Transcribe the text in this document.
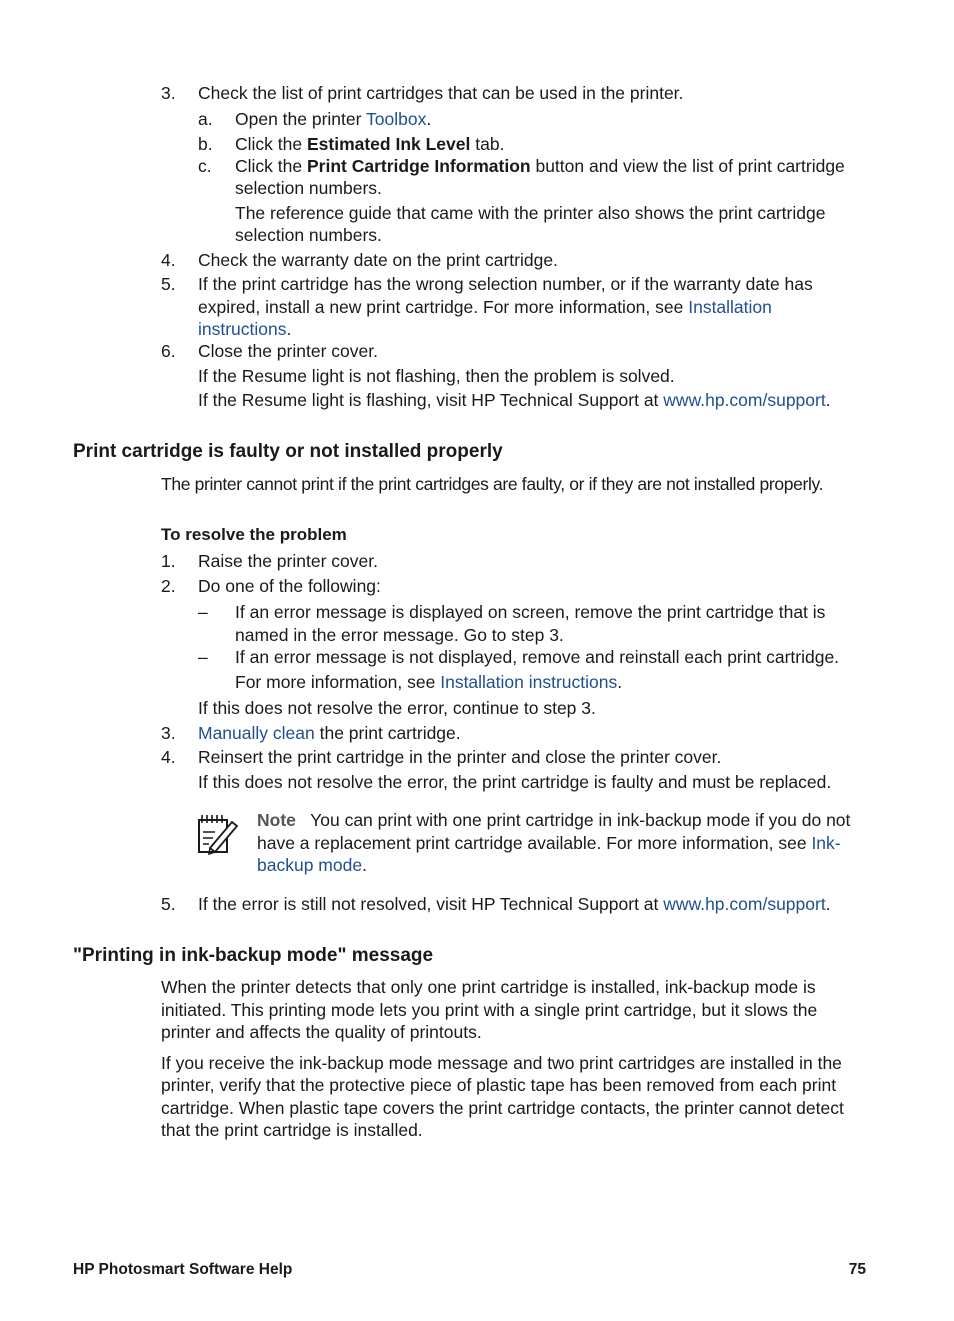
3. Check the list of print cartridges that can be used in the printer.
a. Open the printer Toolbox.
b. Click the Estimated Ink Level tab.
c. Click the Print Cartridge Information button and view the list of print cartridge
selection numbers.
The reference guide that came with the printer also shows the print cartridge
selection numbers.
4. Check the warranty date on the print cartridge.
5. If the print cartridge has the wrong selection number, or if the warranty date has
expired, install a new print cartridge. For more information, see Installation
instructions.
6. Close the printer cover.
If the Resume light is not flashing, then the problem is solved.
If the Resume light is flashing, visit HP Technical Support at www.hp.com/support.
Print cartridge is faulty or not installed properly
The printer cannot print if the print cartridges are faulty, or if they are not installed properly.
To resolve the problem
1. Raise the printer cover.
2. Do one of the following:
– If an error message is displayed on screen, remove the print cartridge that is
named in the error message. Go to step 3.
– If an error message is not displayed, remove and reinstall each print cartridge.
For more information, see Installation instructions.
If this does not resolve the error, continue to step 3.
3. Manually clean the print cartridge.
4. Reinsert the print cartridge in the printer and close the printer cover.
If this does not resolve the error, the print cartridge is faulty and must be replaced.
Note You can print with one print cartridge in ink-backup mode if you do not
have a replacement print cartridge available. For more information, see Ink-
backup mode.
5. If the error is still not resolved, visit HP Technical Support at www.hp.com/support.
"Printing in ink-backup mode" message
When the printer detects that only one print cartridge is installed, ink-backup mode is
initiated. This printing mode lets you print with a single print cartridge, but it slows the
printer and affects the quality of printouts.
If you receive the ink-backup mode message and two print cartridges are installed in the
printer, verify that the protective piece of plastic tape has been removed from each print
cartridge. When plastic tape covers the print cartridge contacts, the printer cannot detect
that the print cartridge is installed.
HP Photosmart Software Help	75
